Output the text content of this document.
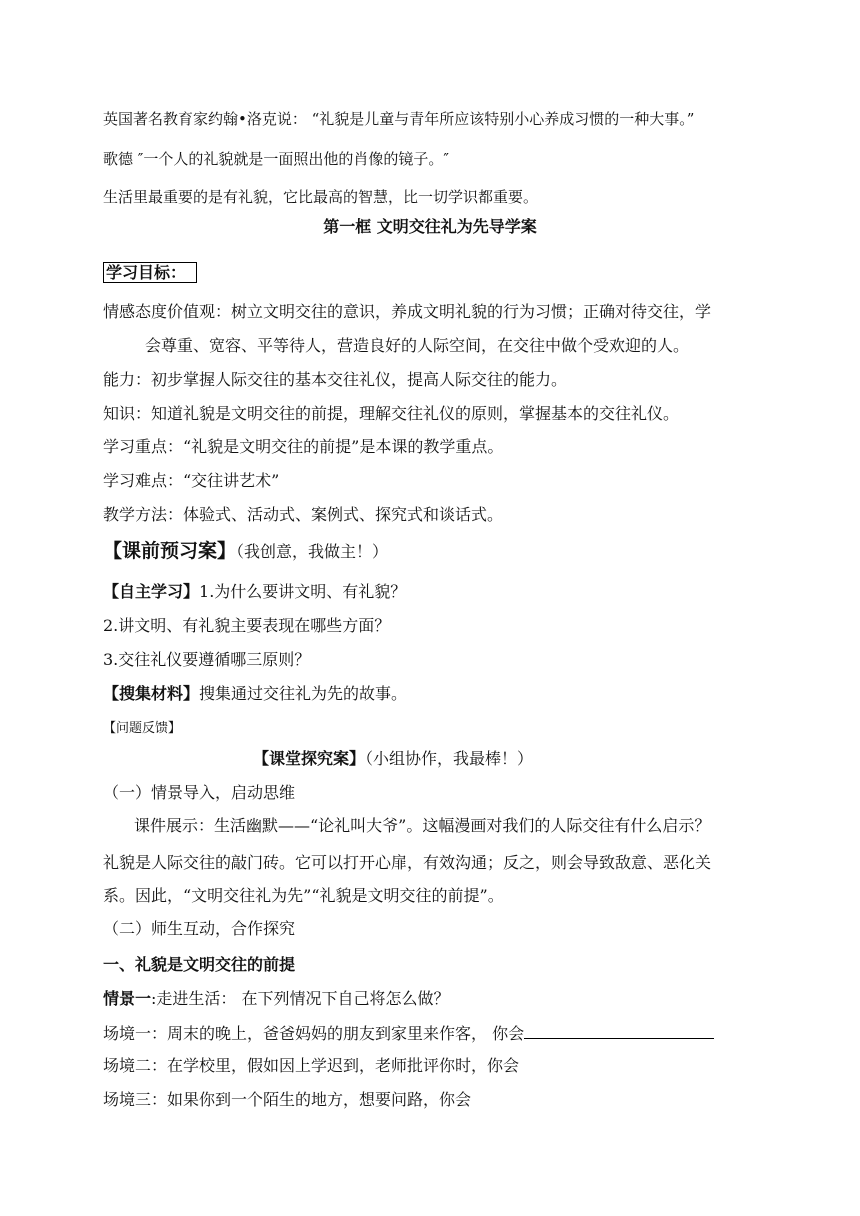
英国著名教育家约翰•洛克说： “礼貌是儿童与青年所应该特别小心养成习惯的一种大事。”
歌德 ″一个人的礼貌就是一面照出他的肖像的镜子。″
生活里最重要的是有礼貌，它比最高的智慧，比一切学识都重要。
第一框 文明交往礼为先导学案
学习目标：
情感态度价值观：树立文明交往的意识，养成文明礼貌的行为习惯；正确对待交往，学
会尊重、宽容、平等待人，营造良好的人际空间，在交往中做个受欢迎的人。
能力：初步掌握人际交往的基本交往礼仪，提高人际交往的能力。
知识：知道礼貌是文明交往的前提，理解交往礼仪的原则，掌握基本的交往礼仪。
学习重点：“礼貌是文明交往的前提”是本课的教学重点。
学习难点：“交往讲艺术”
教学方法：体验式、活动式、案例式、探究式和谈话式。
【课前预习案】（我创意，我做主！）
【自主学习】1.为什么要讲文明、有礼貌？
2.讲文明、有礼貌主要表现在哪些方面？
3.交往礼仪要遵循哪三原则？
【搜集材料】搜集通过交往礼为先的故事。
【问题反馈】
【课堂探究案】（小组协作，我最棒！）
（一）情景导入，启动思维
课件展示：生活幽默——“论礼叫大爷”。这幅漫画对我们的人际交往有什么启示？
礼貌是人际交往的敲门砖。它可以打开心扉，有效沟通；反之，则会导致敌意、恶化关
系。因此，“文明交往礼为先”“礼貌是文明交往的前提”。
（二）师生互动，合作探究
一、礼貌是文明交往的前提
情景一:走进生活： 在下列情况下自己将怎么做？
场境一：周末的晚上，爸爸妈妈的朋友到家里来作客， 你会
场境二：在学校里，假如因上学迟到，老师批评你时，你会
场境三：如果你到一个陌生的地方，想要问路，你会
